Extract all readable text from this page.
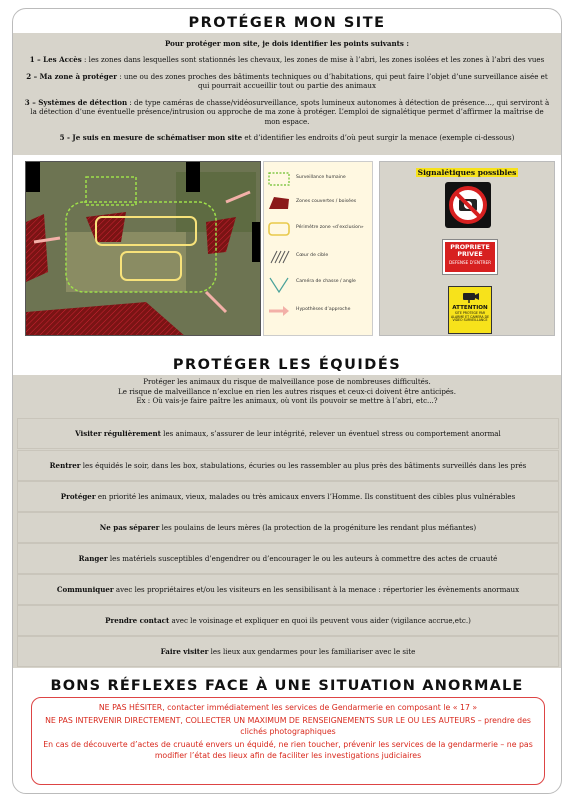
PROTÉGER MON SITE

Pour protéger mon site, je dois identifier les points suivants :

1 – Les Accès : les zones dans lesquelles sont stationnés les chevaux, les zones de mise à l’abri, les zones isolées et les zones à l’abri des vues

2 – Ma zone à protéger : une ou des zones proches des bâtiments techniques ou d’habitations, qui peut faire l’objet d’une surveillance aisée et qui pourrait accueillir tout ou partie des animaux

3 – Systèmes de détection : de type caméras de chasse/vidéosurveillance, spots lumineux autonomes à détection de présence…, qui serviront à la détection d’une éventuelle présence/intrusion ou approche de ma zone à protéger. L’emploi de signalétique permet d’affirmer la maîtrise de mon espace.

5 - Je suis en mesure de schématiser mon site et d’identifier les endroits d’où peut surgir la menace (exemple ci-dessous)

Surveillance humaine
Zones couvertes / boisées
Périmètre zone «d’exclusion»
Cœur de cible
Caméra de chasse / angle
Hypothèses d’approche
Signalétiques possibles
PROPRIETE
PRIVEE
DEFENSE D’ENTRER
ATTENTION
SITE PROTEGE PAR ALARME ET CAMERA DE VIDEO SURVEILLANCE
PROTÉGER LES ÉQUIDÉS
Protéger les animaux du risque de malveillance pose de nombreuses difficultés.
Le risque de malveillance n’exclue en rien les autres risques et ceux-ci doivent être anticipés.
Ex : Où vais-je faire paître les animaux, où vont ils pouvoir se mettre à l’abri, etc...?
Visiter régulièrement les animaux, s’assurer de leur intégrité, relever un éventuel stress ou comportement anormal
Rentrer les équidés le soir, dans les box, stabulations, écuries ou les rassembler au plus près des bâtiments surveillés dans les prés
Protéger en priorité les animaux, vieux, malades ou très amicaux envers l’Homme. Ils constituent des cibles plus vulnérables
Ne pas séparer les poulains de leurs mères (la protection de la progéniture les rendant plus méfiantes)
Ranger les matériels susceptibles d’engendrer ou d’encourager le ou les auteurs à commettre des actes de cruauté
Communiquer avec les propriétaires et/ou les visiteurs en les sensibilisant à la menace : répertorier les évènements anormaux
Prendre contact avec le voisinage et expliquer en quoi ils peuvent vous aider (vigilance accrue,etc.)
Faire visiter les lieux aux gendarmes pour les familiariser avec le site
BONS RÉFLEXES FACE À UNE SITUATION ANORMALE

NE PAS HÉSITER, contacter immédiatement les services de Gendarmerie en composant le « 17 »

NE PAS INTERVENIR DIRECTEMENT, COLLECTER UN MAXIMUM DE RENSEIGNEMENTS SUR LE OU LES AUTEURS – prendre des clichés photographiques

En cas de découverte d’actes de cruauté envers un équidé, ne rien toucher, prévenir les services de la gendarmerie – ne pas modifier l’état des lieux afin de faciliter les investigations judiciaires
